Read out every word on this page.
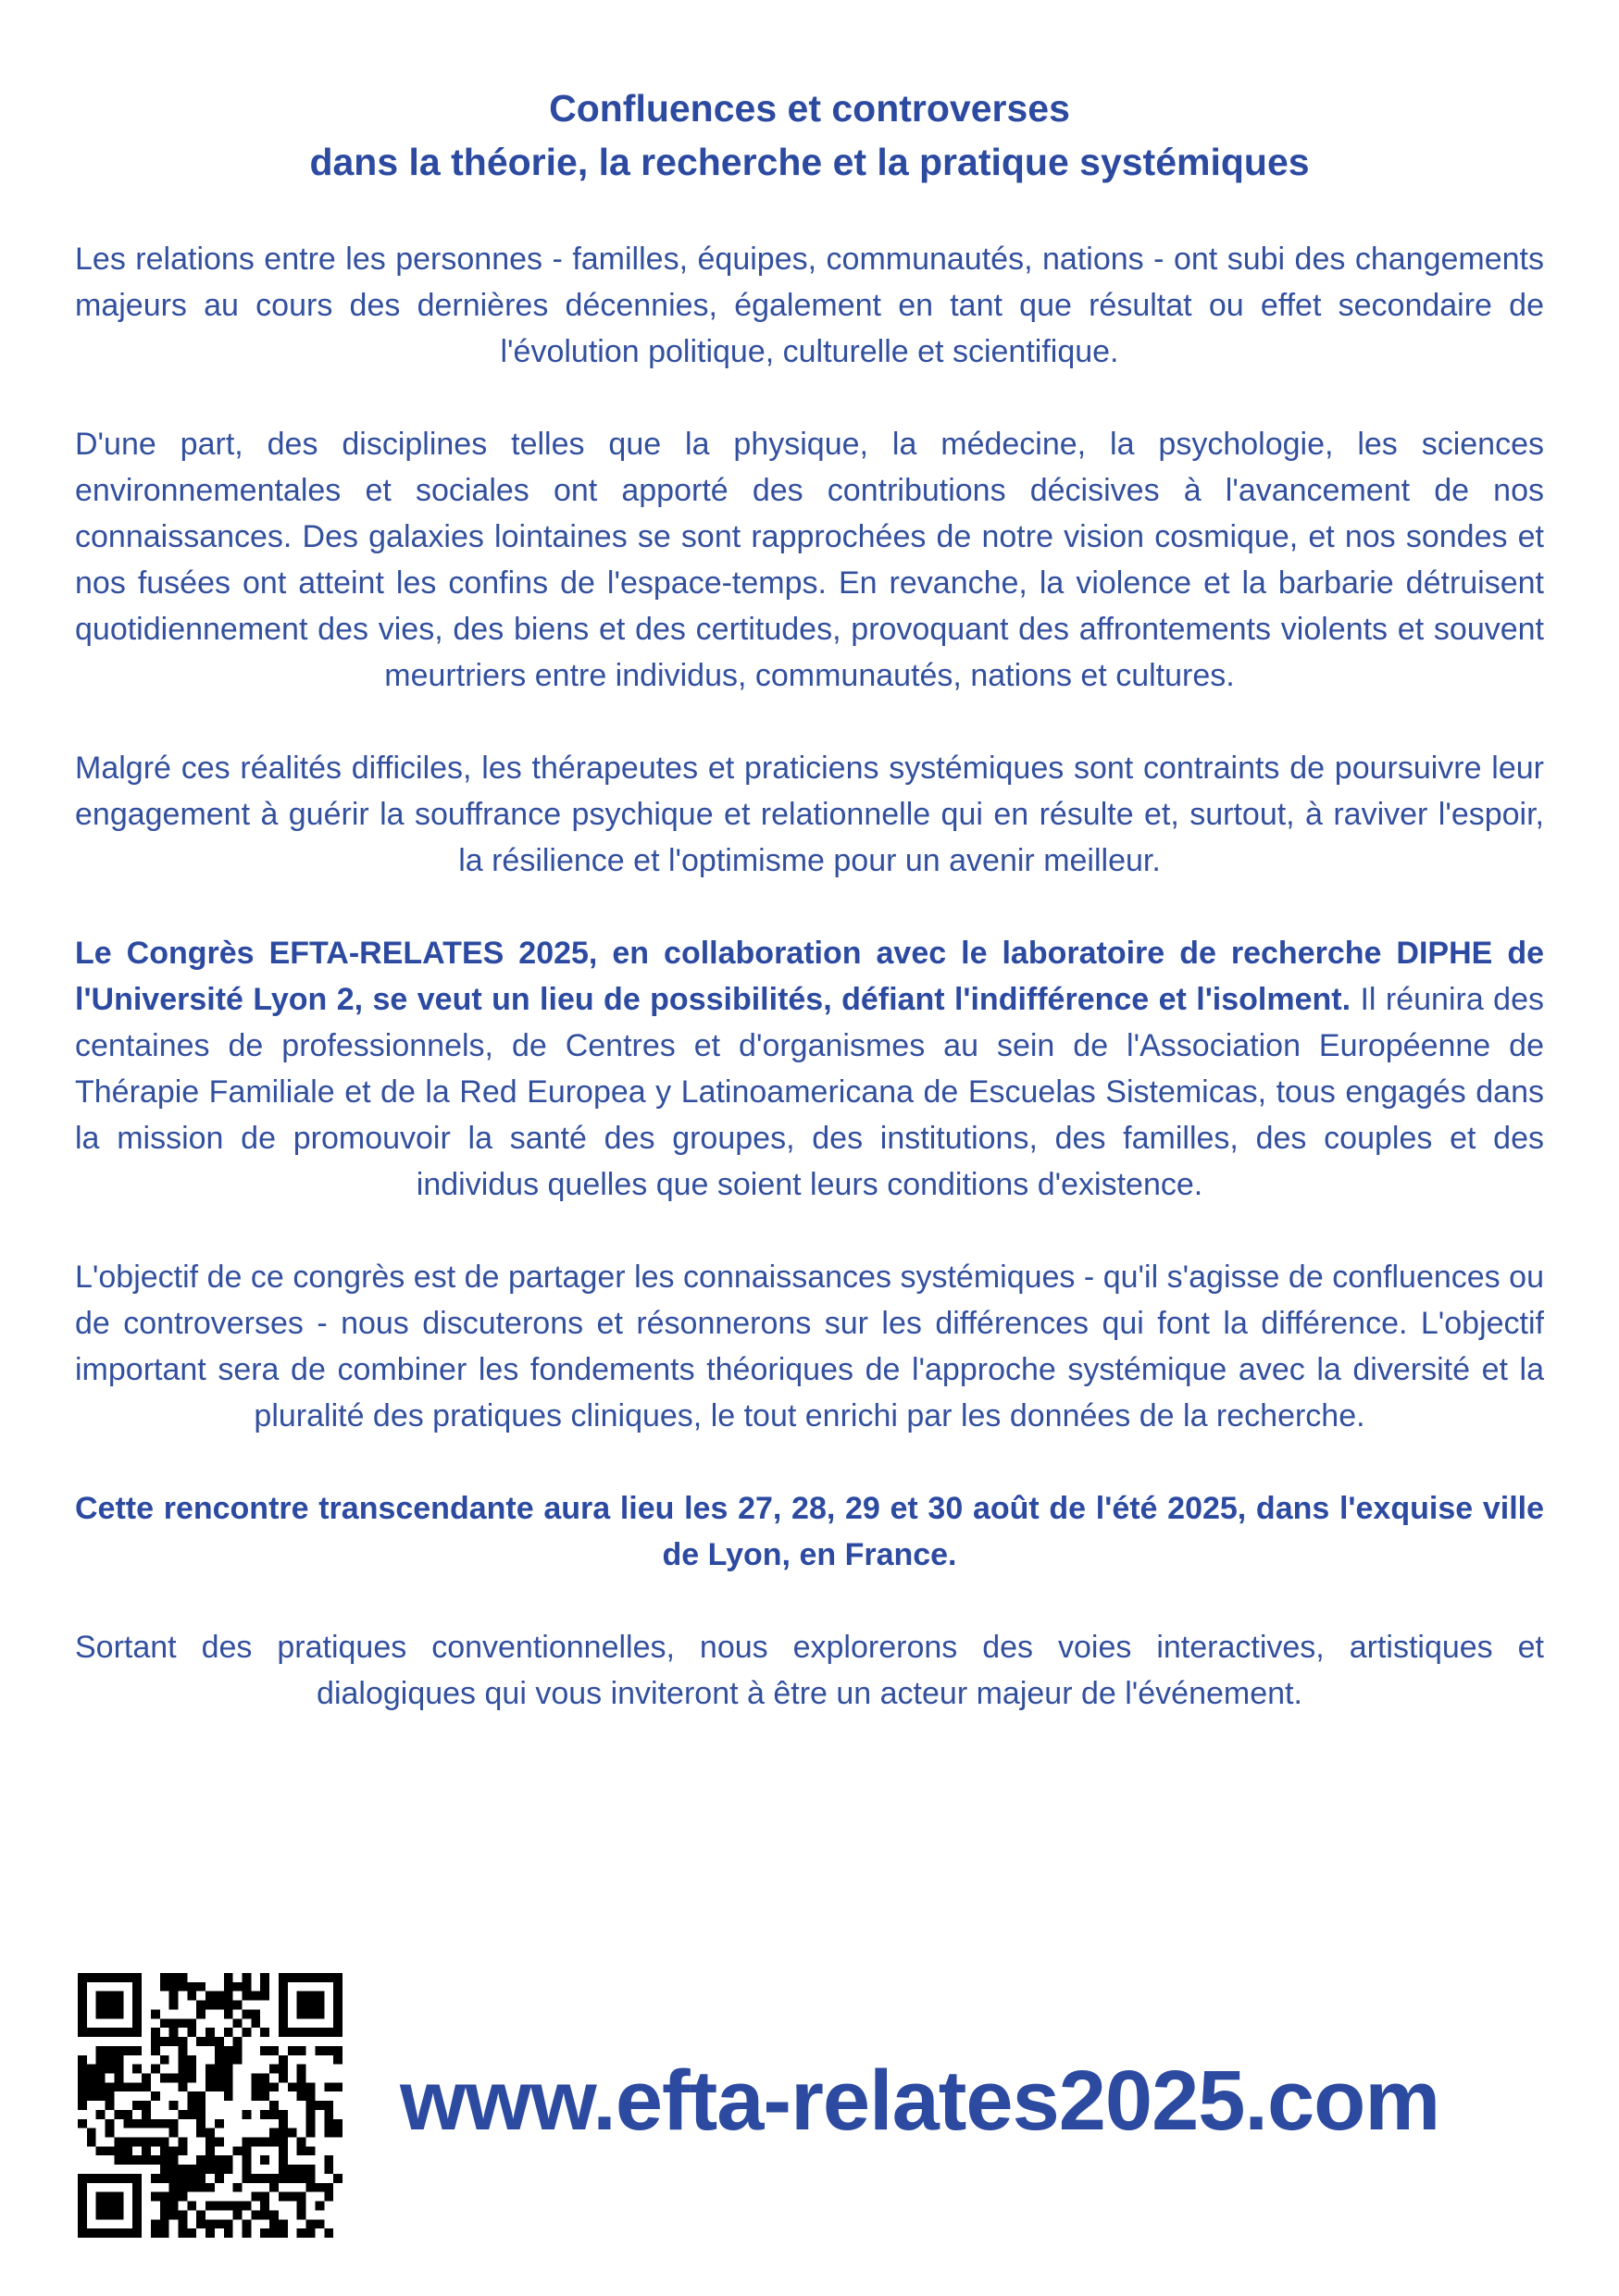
Confluences et controverses
dans la théorie, la recherche et la pratique systémiques

Les relations entre les personnes - familles, équipes, communautés, nations - ont subi des changements majeurs au cours des dernières décennies, également en tant que résultat ou effet secondaire de l'évolution politique, culturelle et scientifique.

D'une part, des disciplines telles que la physique, la médecine, la psychologie, les sciences environnementales et sociales ont apporté des contributions décisives à l'avancement de nos connaissances. Des galaxies lointaines se sont rapprochées de notre vision cosmique, et nos sondes et nos fusées ont atteint les confins de l'espace-temps. En revanche, la violence et la barbarie détruisent quotidiennement des vies, des biens et des certitudes, provoquant des affrontements violents et souvent meurtriers entre individus, communautés, nations et cultures.

Malgré ces réalités difficiles, les thérapeutes et praticiens systémiques sont contraints de poursuivre leur engagement à guérir la souffrance psychique et relationnelle qui en résulte et, surtout, à raviver l'espoir, la résilience et l'optimisme pour un avenir meilleur.

Le Congrès EFTA-RELATES 2025, en collaboration avec le laboratoire de recherche DIPHE de l'Université Lyon 2, se veut un lieu de possibilités, défiant l'indifférence et l'isolment. Il réunira des centaines de professionnels, de Centres et d'organismes au sein de l'Association Européenne de Thérapie Familiale et de la Red Europea y Latinoamericana de Escuelas Sistemicas, tous engagés dans la mission de promouvoir la santé des groupes, des institutions, des familles, des couples et des individus quelles que soient leurs conditions d'existence.

L'objectif de ce congrès est de partager les connaissances systémiques - qu'il s'agisse de confluences ou de controverses - nous discuterons et résonnerons sur les différences qui font la différence. L'objectif important sera de combiner les fondements théoriques de l'approche systémique avec la diversité et la pluralité des pratiques cliniques, le tout enrichi par les données de la recherche.

Cette rencontre transcendante aura lieu les 27, 28, 29 et 30 août de l'été 2025, dans l'exquise ville de Lyon, en France.

Sortant des pratiques conventionnelles, nous explorerons des voies interactives, artistiques et dialogiques qui vous inviteront à être un acteur majeur de l'événement.

www.efta-relates2025.com
